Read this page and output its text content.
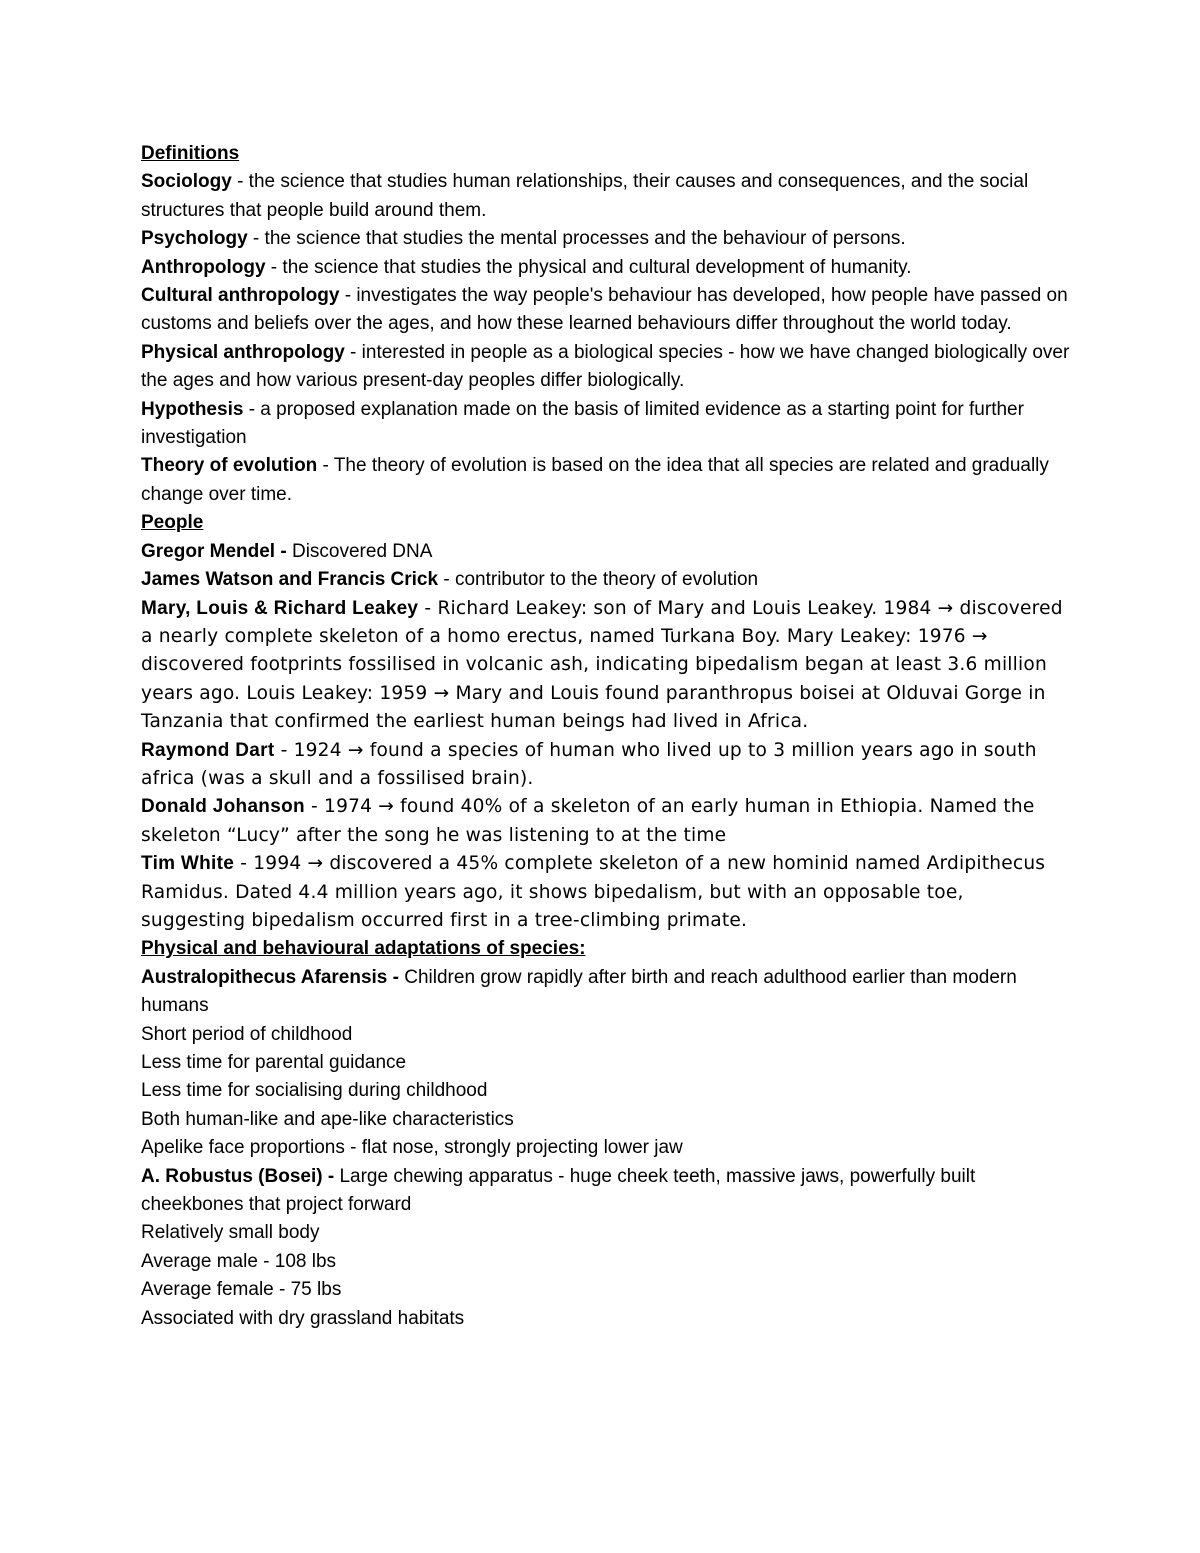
Definitions

Sociology - the science that studies human relationships, their causes and consequences, and the social structures that people build around them.

Psychology - the science that studies the mental processes and the behaviour of persons.

Anthropology - the science that studies the physical and cultural development of humanity.

Cultural anthropology - investigates the way people's behaviour has developed, how people have passed on customs and beliefs over the ages, and how these learned behaviours differ throughout the world today.

Physical anthropology - interested in people as a biological species - how we have changed biologically over the ages and how various present-day peoples differ biologically.

Hypothesis - a proposed explanation made on the basis of limited evidence as a starting point for further investigation

Theory of evolution - The theory of evolution is based on the idea that all species are related and gradually change over time.

People

Gregor Mendel - Discovered DNA

James Watson and Francis Crick - contributor to the theory of evolution

Mary, Louis & Richard Leakey - Richard Leakey: son of Mary and Louis Leakey. 1984 → discovered a nearly complete skeleton of a homo erectus, named Turkana Boy. Mary Leakey: 1976 → discovered footprints fossilised in volcanic ash, indicating bipedalism began at least 3.6 million years ago. Louis Leakey: 1959 → Mary and Louis found paranthropus boisei at Olduvai Gorge in Tanzania that confirmed the earliest human beings had lived in Africa.

Raymond Dart - 1924 → found a species of human who lived up to 3 million years ago in south africa (was a skull and a fossilised brain).

Donald Johanson - 1974 → found 40% of a skeleton of an early human in Ethiopia. Named the skeleton “Lucy” after the song he was listening to at the time

Tim White - 1994 → discovered a 45% complete skeleton of a new hominid named Ardipithecus Ramidus. Dated 4.4 million years ago, it shows bipedalism, but with an opposable toe, suggesting bipedalism occurred first in a tree-climbing primate.

Physical and behavioural adaptations of species:

Australopithecus Afarensis - Children grow rapidly after birth and reach adulthood earlier than modern humans

Short period of childhood

Less time for parental guidance

Less time for socialising during childhood

Both human-like and ape-like characteristics

Apelike face proportions - flat nose, strongly projecting lower jaw

A. Robustus (Bosei) - Large chewing apparatus - huge cheek teeth, massive jaws, powerfully built cheekbones that project forward

Relatively small body

Average male - 108 lbs

Average female - 75 lbs

Associated with dry grassland habitats
